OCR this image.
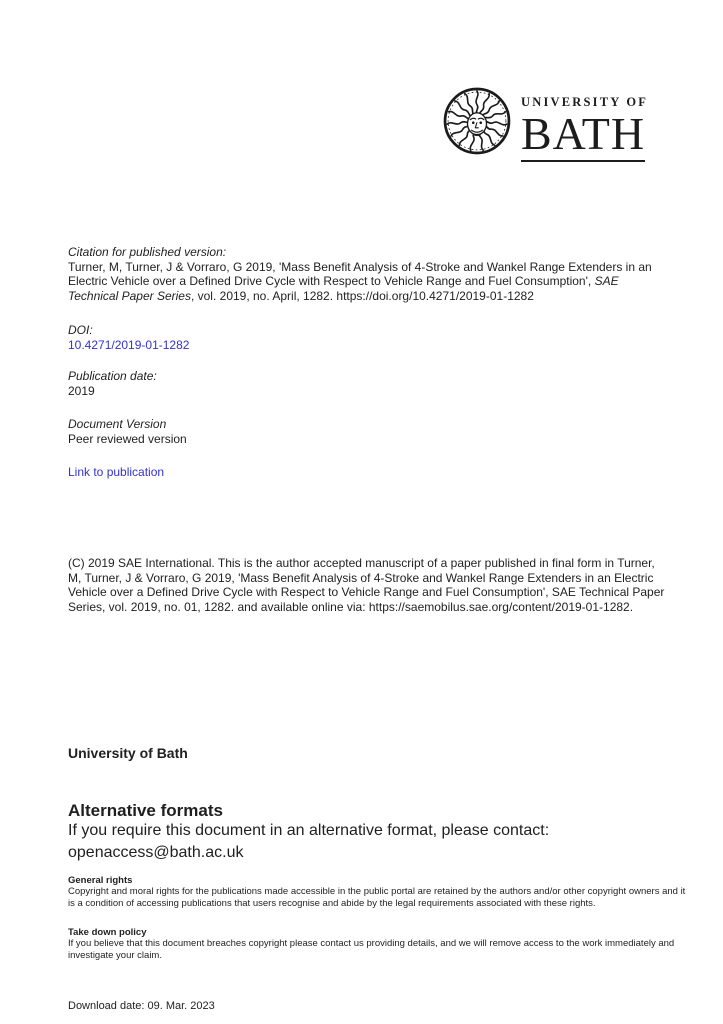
UNIVERSITY OF
BATH
Citation for published version:
Turner, M, Turner, J & Vorraro, G 2019, 'Mass Benefit Analysis of 4-Stroke and Wankel Range Extenders in an Electric Vehicle over a Defined Drive Cycle with Respect to Vehicle Range and Fuel Consumption', SAE Technical Paper Series, vol. 2019, no. April, 1282. https://doi.org/10.4271/2019-01-1282
DOI:
10.4271/2019-01-1282
Publication date:
2019
Document Version
Peer reviewed version
Link to publication
(C) 2019 SAE International. This is the author accepted manuscript of a paper published in final form in Turner, M, Turner, J & Vorraro, G 2019, 'Mass Benefit Analysis of 4-Stroke and Wankel Range Extenders in an Electric Vehicle over a Defined Drive Cycle with Respect to Vehicle Range and Fuel Consumption', SAE Technical Paper Series, vol. 2019, no. 01, 1282. and available online via: https://saemobilus.sae.org/content/2019-01-1282.
University of Bath
Alternative formats
If you require this document in an alternative format, please contact:
openaccess@bath.ac.uk
General rights
Copyright and moral rights for the publications made accessible in the public portal are retained by the authors and/or other copyright owners and it is a condition of accessing publications that users recognise and abide by the legal requirements associated with these rights.
Take down policy
If you believe that this document breaches copyright please contact us providing details, and we will remove access to the work immediately and investigate your claim.
Download date: 09. Mar. 2023
